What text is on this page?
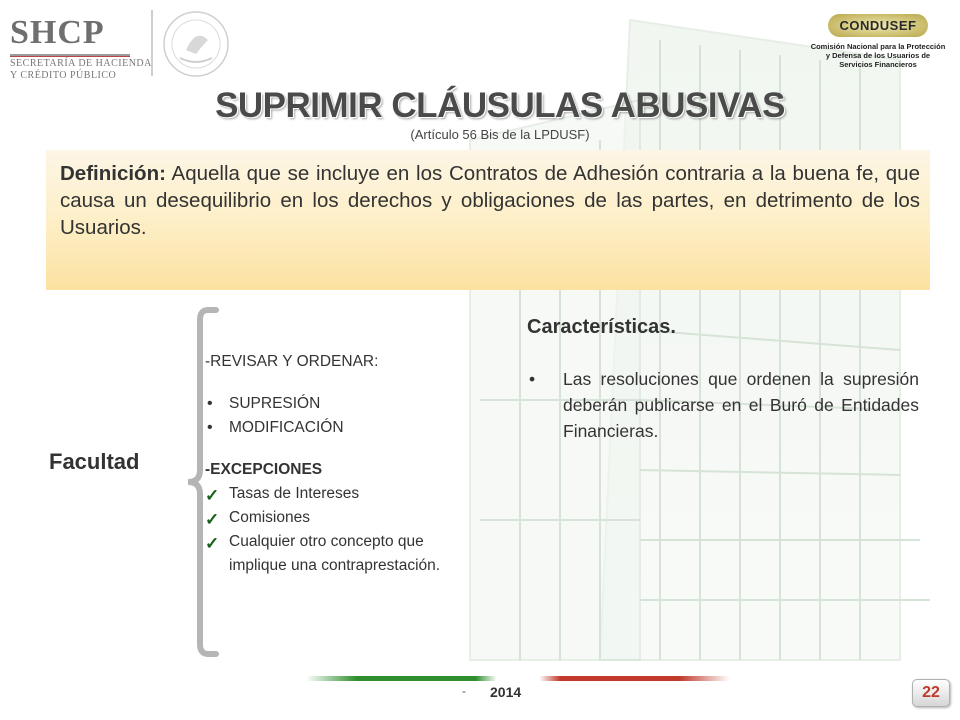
SHCP
SECRETARÍA DE HACIENDA
Y CRÉDITO PÚBLICO
CONDUSEF
Comisión Nacional para la Protección
y Defensa de los Usuarios de
Servicios Financieros
SUPRIMIR CLÁUSULAS ABUSIVAS
(Artículo 56 Bis de la LPDUSF)
Definición: Aquella que se incluye en los Contratos de Adhesión contraria a la buena fe, que causa un desequilibrio en los derechos y obligaciones de las partes, en detrimento de los Usuarios.
Facultad
-REVISAR Y ORDENAR:
• SUPRESIÓN
• MODIFICACIÓN
-EXCEPCIONES
✓ Tasas de Intereses
✓ Comisiones
✓ Cualquier otro concepto que implique una contraprestación.
Características.
• Las resoluciones que ordenen la supresión deberán publicarse en el Buró de Entidades Financieras.
- 2014	22
